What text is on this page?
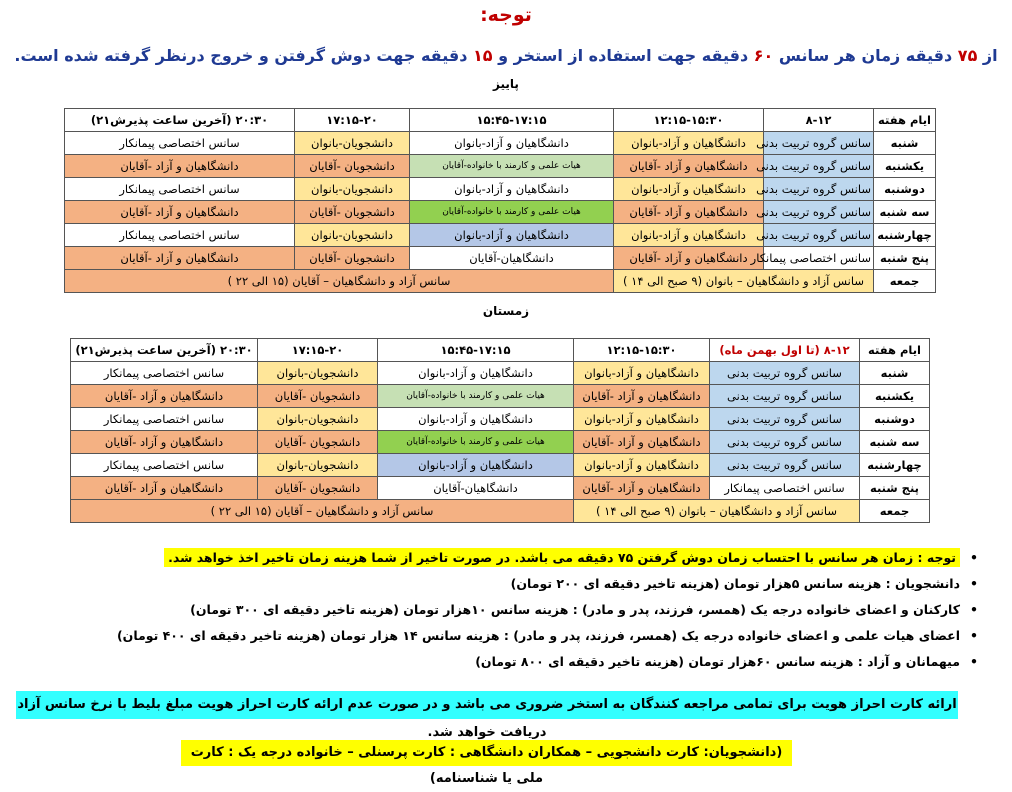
توجه:
از ۷۵ دقیقه زمان هر سانس ۶۰ دقیقه جهت استفاده از استخر و ۱۵ دقیقه جهت دوش گرفتن و خروج درنظر گرفته شده است.
پاییز
ایام هفته	۸-۱۲	۱۲:۱۵-۱۵:۳۰	۱۵:۴۵-۱۷:۱۵	۱۷:۱۵-۲۰	۲۰:۳۰ (آخرین ساعت پذیرش۲۱)
شنبه	سانس گروه تربیت بدنی	دانشگاهیان و آزاد-بانوان	دانشگاهیان و آزاد-بانوان	دانشجویان-بانوان	سانس اختصاصی پیمانکار
یکشنبه	سانس گروه تربیت بدنی	دانشگاهیان و آزاد -آقایان	هیات علمی و کارمند با خانواده-آقایان	دانشجویان -آقایان	دانشگاهیان و آزاد -آقایان
دوشنبه	سانس گروه تربیت بدنی	دانشگاهیان و آزاد-بانوان	دانشگاهیان و آزاد-بانوان	دانشجویان-بانوان	سانس اختصاصی پیمانکار
سه شنبه	سانس گروه تربیت بدنی	دانشگاهیان و آزاد -آقایان	هیات علمی و کارمند با خانواده-آقایان	دانشجویان -آقایان	دانشگاهیان و آزاد -آقایان
چهارشنبه	سانس گروه تربیت بدنی	دانشگاهیان و آزاد-بانوان	دانشگاهیان و آزاد-بانوان	دانشجویان-بانوان	سانس اختصاصی پیمانکار
پنج شنبه	سانس اختصاصی پیمانکار	دانشگاهیان و آزاد -آقایان	دانشگاهیان-آقایان	دانشجویان -آقایان	دانشگاهیان و آزاد -آقایان
جمعه	سانس آزاد و دانشگاهیان – بانوان (۹ صبح الی ۱۴ )		سانس آزاد و دانشگاهیان – آقایان (۱۵ الی ۲۲ )		
زمستان
ایام هفته	۸-۱۲ (تا اول بهمن ماه)	۱۲:۱۵-۱۵:۳۰	۱۵:۴۵-۱۷:۱۵	۱۷:۱۵-۲۰	۲۰:۳۰ (آخرین ساعت پذیرش۲۱)
شنبه	سانس گروه تربیت بدنی	دانشگاهیان و آزاد-بانوان	دانشگاهیان و آزاد-بانوان	دانشجویان-بانوان	سانس اختصاصی پیمانکار
یکشنبه	سانس گروه تربیت بدنی	دانشگاهیان و آزاد -آقایان	هیات علمی و کارمند با خانواده-آقایان	دانشجویان -آقایان	دانشگاهیان و آزاد -آقایان
دوشنبه	سانس گروه تربیت بدنی	دانشگاهیان و آزاد-بانوان	دانشگاهیان و آزاد-بانوان	دانشجویان-بانوان	سانس اختصاصی پیمانکار
سه شنبه	سانس گروه تربیت بدنی	دانشگاهیان و آزاد -آقایان	هیات علمی و کارمند با خانواده-آقایان	دانشجویان -آقایان	دانشگاهیان و آزاد -آقایان
چهارشنبه	سانس گروه تربیت بدنی	دانشگاهیان و آزاد-بانوان	دانشگاهیان و آزاد-بانوان	دانشجویان-بانوان	سانس اختصاصی پیمانکار
پنج شنبه	سانس اختصاصی پیمانکار	دانشگاهیان و آزاد -آقایان	دانشگاهیان-آقایان	دانشجویان -آقایان	دانشگاهیان و آزاد -آقایان
جمعه	سانس آزاد و دانشگاهیان – بانوان (۹ صبح الی ۱۴ )		سانس آزاد و دانشگاهیان – آقایان (۱۵ الی ۲۲ )		
•
توجه : زمان هر سانس با احتساب زمان دوش گرفتن ۷۵ دقیقه می باشد. در صورت تاخیر از شما هزینه زمان تاخیر اخذ خواهد شد.
•
دانشجویان : هزینه سانس ۵هزار تومان (هزینه تاخیر دقیقه ای ۲۰۰ تومان)
•
کارکنان و اعضای خانواده درجه یک (همسر، فرزند، پدر و مادر) : هزینه سانس ۱۰هزار تومان (هزینه تاخیر دقیقه ای ۳۰۰ تومان)
•
اعضای هیات علمی و اعضای خانواده درجه یک (همسر، فرزند، پدر و مادر) : هزینه سانس ۱۴ هزار تومان (هزینه تاخیر دقیقه ای ۴۰۰ تومان)
•
میهمانان و آزاد : هزینه سانس ۶۰هزار تومان (هزینه تاخیر دقیقه ای ۸۰۰ تومان)
ارائه کارت احراز هویت برای تمامی مراجعه کنندگان به استخر ضروری می باشد و در صورت عدم ارائه کارت احراز هویت مبلغ بلیط با نرخ سانس آزاد دریافت خواهد شد.
(دانشجویان: کارت دانشجویی – همکاران دانشگاهی : کارت پرسنلی – خانواده درجه یک : کارت ملی یا شناسنامه)
